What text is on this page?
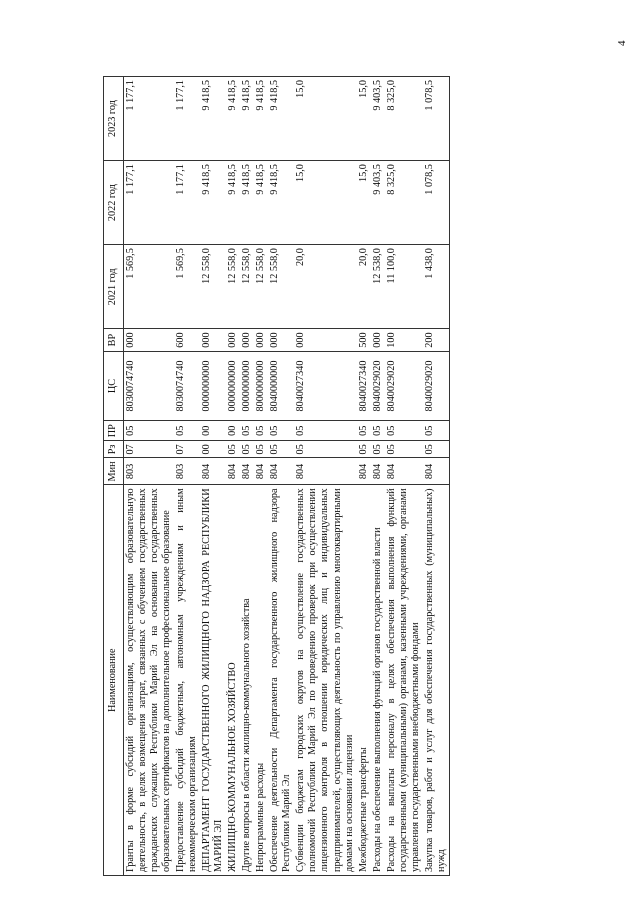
4
Наименование	Мин	Рз	ПР	ЦС	ВР	2021 год	2022 год	2023 год
Гранты в форме субсидий организациям, осуществляющим образовательную деятельность, в целях возмещения затрат, связанных с обучением государственных гражданских служащих Республики Марий Эл на основании государственных образовательных сертификатов на дополнительное профессиональное образование	803	07	05	8030074740	000	1 569,5	1 177,1	1 177,1
Предоставление субсидий бюджетным, автономным учреждениям и иным некоммерческим организациям	803	07	05	8030074740	600	1 569,5	1 177,1	1 177,1
ДЕПАРТАМЕНТ ГОСУДАРСТВЕННОГО ЖИЛИЩНОГО НАДЗОРА РЕСПУБЛИКИ МАРИЙ ЭЛ	804	00	00	0000000000	000	12 558,0	9 418,5	9 418,5
ЖИЛИЩНО-КОММУНАЛЬНОЕ ХОЗЯЙСТВО	804	05	00	0000000000	000	12 558,0	9 418,5	9 418,5
Другие вопросы в области жилищно-коммунального хозяйства	804	05	05	0000000000	000	12 558,0	9 418,5	9 418,5
Непрограммные расходы	804	05	05	8000000000	000	12 558,0	9 418,5	9 418,5
Обеспечение деятельности Департамента государственного жилищного надзора Республики Марий Эл	804	05	05	8040000000	000	12 558,0	9 418,5	9 418,5
Субвенции бюджетам городских округов на осуществление государственных полномочий Республики Марий Эл по проведению проверок при осуществлении лицензионного контроля в отношении юридических лиц и индивидуальных предпринимателей, осуществляющих деятельность по управлению многоквартирными домами на основании лицензии	804	05	05	8040027340	000	20,0	15,0	15,0
Межбюджетные трансферты	804	05	05	8040027340	500	20,0	15,0	15,0
Расходы на обеспечение выполнения функций органов государственной власти	804	05	05	8040029020	000	12 538,0	9 403,5	9 403,5
Расходы на выплаты персоналу в целях обеспечения выполнения функций государственными (муниципальными) органами, казенными учреждениями, органами управления государственными внебюджетными фондами	804	05	05	8040029020	100	11 100,0	8 325,0	8 325,0
Закупка товаров, работ и услуг для обеспечения государственных (муниципальных) нужд	804	05	05	8040029020	200	1 438,0	1 078,5	1 078,5
